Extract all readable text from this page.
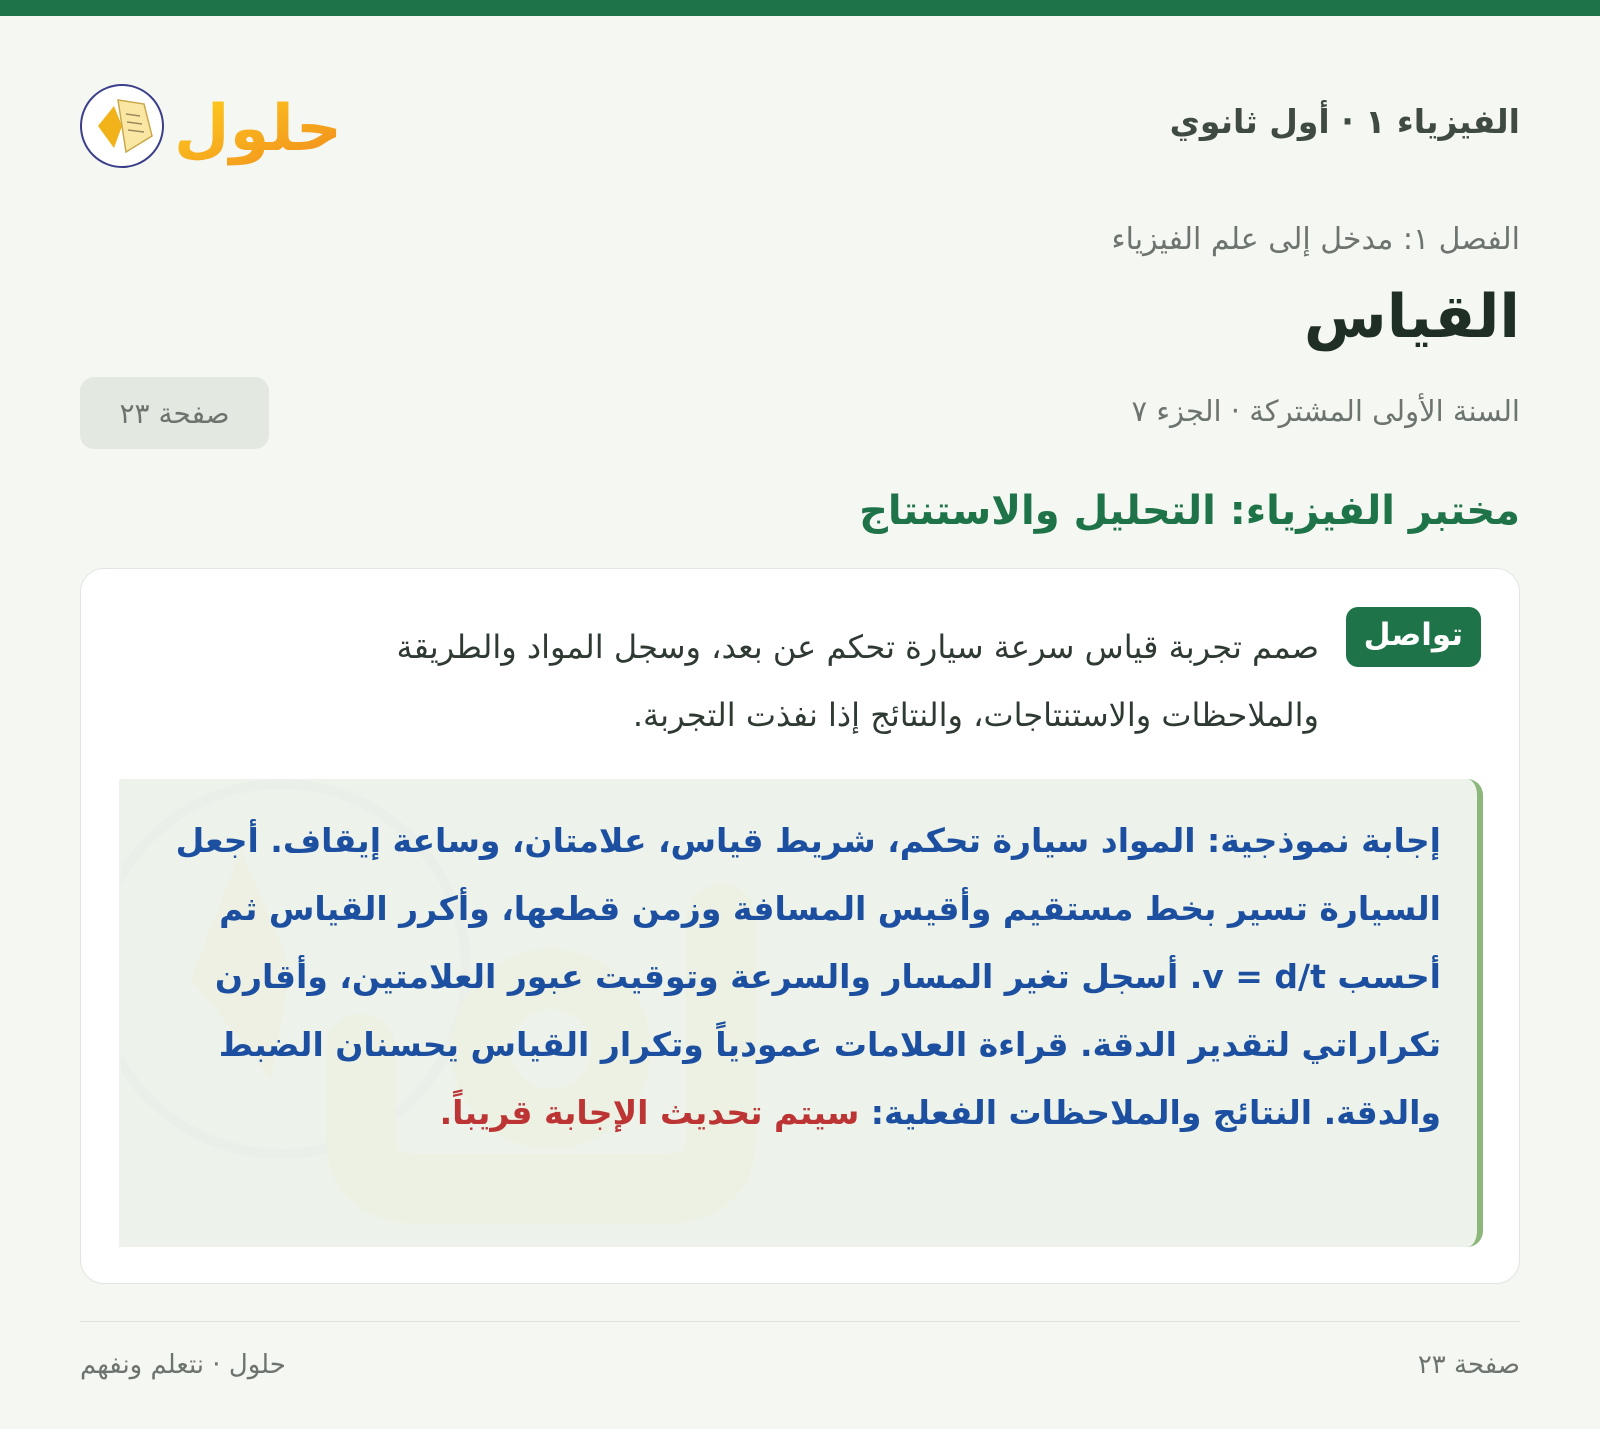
الفيزياء ١ · أول ثانوي
حلول
الفصل ١: مدخل إلى علم الفيزياء
القياس
السنة الأولى المشتركة · الجزء ٧
صفحة ٢٣
مختبر الفيزياء: التحليل والاستنتاج
تواصل

صمم تجربة قياس سرعة سيارة تحكم عن بعد، وسجل المواد والطريقة والملاحظات والاستنتاجات، والنتائج إذا نفذت التجربة.

إجابة نموذجية: المواد سيارة تحكم، شريط قياس، علامتان، وساعة إيقاف. أجعل السيارة تسير بخط مستقيم وأقيس المسافة وزمن قطعها، وأكرر القياس ثم أحسب v = d/t. أسجل تغير المسار والسرعة وتوقيت عبور العلامتين، وأقارن تكراراتي لتقدير الدقة. قراءة العلامات عمودياً وتكرار القياس يحسنان الضبط والدقة. النتائج والملاحظات الفعلية: سيتم تحديث الإجابة قريباً.

صفحة ٢٣
حلول · نتعلم ونفهم
